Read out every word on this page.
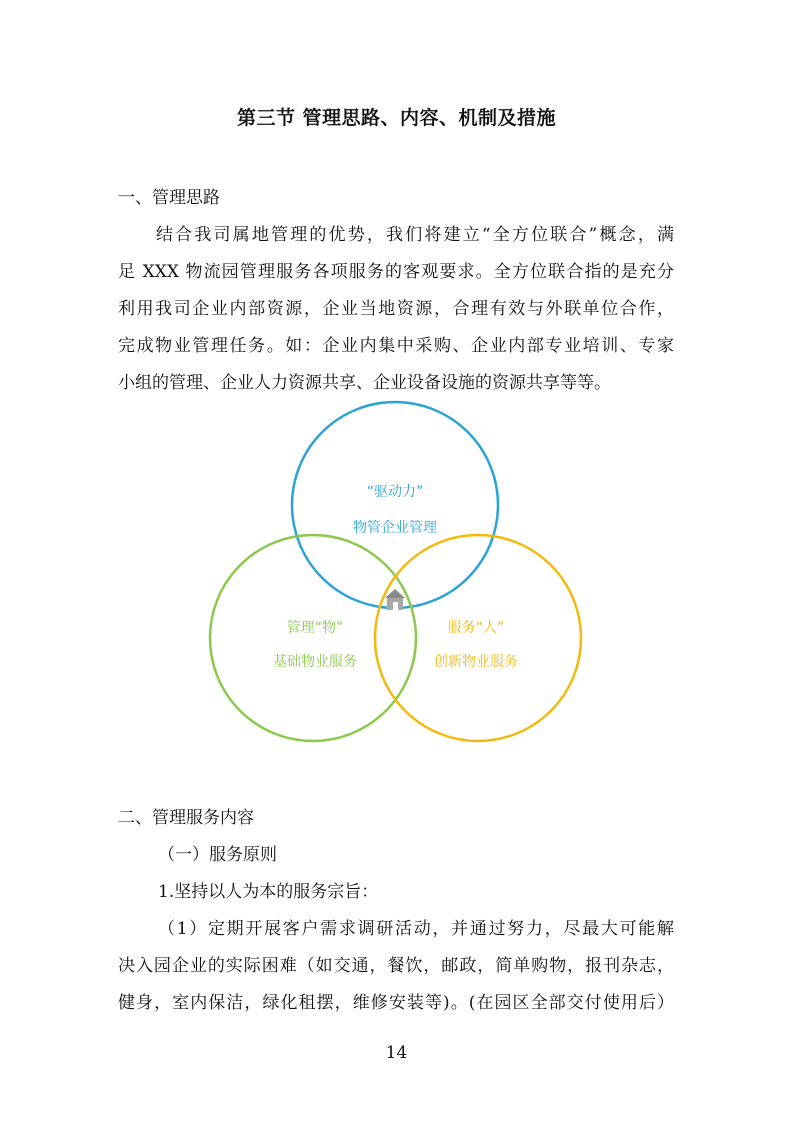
第三节 管理思路、内容、机制及措施
一、管理思路
结合我司属地管理的优势，我们将建立“全方位联合”概念，满
足 XXX 物流园管理服务各项服务的客观要求。全方位联合指的是充分
利用我司企业内部资源，企业当地资源，合理有效与外联单位合作，
完成物业管理任务。如：企业内集中采购、企业内部专业培训、专家
小组的管理、企业人力资源共享、企业设备设施的资源共享等等。
“驱动力”
物管企业管理
管理“物”
基础物业服务
服务“人”
创新物业服务
二、管理服务内容
（一）服务原则
1.坚持以人为本的服务宗旨：
（1）定期开展客户需求调研活动，并通过努力，尽最大可能解
决入园企业的实际困难（如交通，餐饮，邮政，简单购物，报刊杂志，
健身，室内保洁，绿化租摆，维修安装等)。(在园区全部交付使用后）
14
